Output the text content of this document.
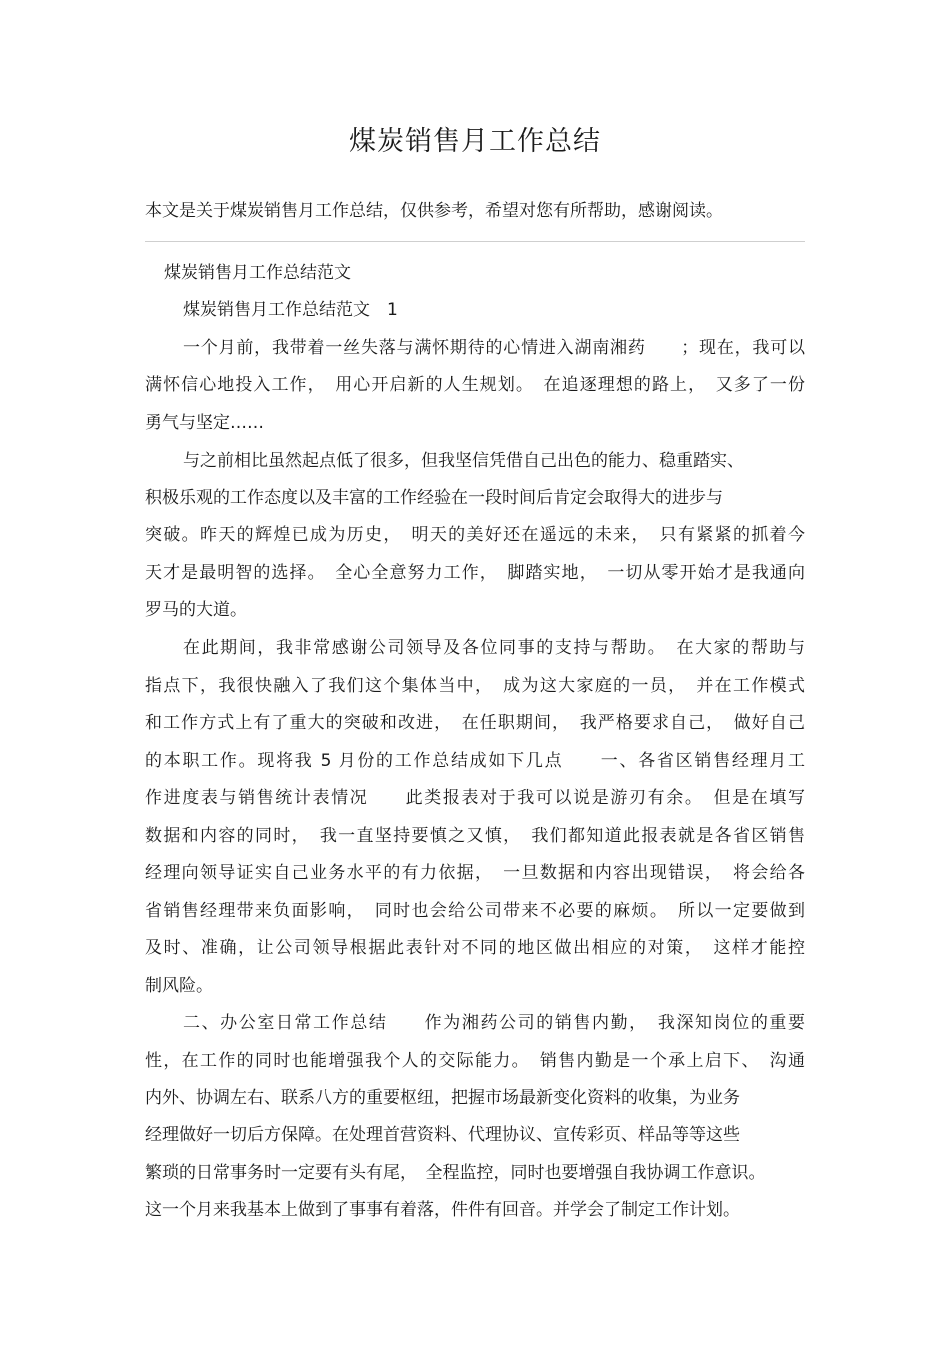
煤炭销售月工作总结
本文是关于煤炭销售月工作总结，仅供参考，希望对您有所帮助，感谢阅读。
煤炭销售月工作总结范文
煤炭销售月工作总结范文　1
一个月前，我带着一丝失落与满怀期待的心情进入湖南湘药　　；现在，我可以
满怀信心地投入工作，　用心开启新的人生规划。　在追逐理想的路上，　又多了一份
勇气与坚定……
与之前相比虽然起点低了很多，但我坚信凭借自己出色的能力、稳重踏实、
积极乐观的工作态度以及丰富的工作经验在一段时间后肯定会取得大的进步与
突破。昨天的辉煌已成为历史，　明天的美好还在遥远的未来，　只有紧紧的抓着今
天才是最明智的选择。　全心全意努力工作，　脚踏实地，　一切从零开始才是我通向
罗马的大道。
在此期间，我非常感谢公司领导及各位同事的支持与帮助。　在大家的帮助与
指点下，我很快融入了我们这个集体当中，　成为这大家庭的一员，　并在工作模式
和工作方式上有了重大的突破和改进，　在任职期间，　我严格要求自己，　做好自己
的本职工作。现将我 5 月份的工作总结成如下几点　　一、各省区销售经理月工
作进度表与销售统计表情况　　此类报表对于我可以说是游刃有余。　但是在填写
数据和内容的同时，　我一直坚持要慎之又慎，　我们都知道此报表就是各省区销售
经理向领导证实自己业务水平的有力依据，　一旦数据和内容出现错误，　将会给各
省销售经理带来负面影响，　同时也会给公司带来不必要的麻烦。　所以一定要做到
及时、准确，让公司领导根据此表针对不同的地区做出相应的对策，　这样才能控
制风险。
二、办公室日常工作总结　　作为湘药公司的销售内勤，　我深知岗位的重要
性，在工作的同时也能增强我个人的交际能力。　销售内勤是一个承上启下、　沟通
内外、协调左右、联系八方的重要枢纽，把握市场最新变化资料的收集，为业务
经理做好一切后方保障。在处理首营资料、代理协议、宣传彩页、样品等等这些
繁琐的日常事务时一定要有头有尾，　全程监控，同时也要增强自我协调工作意识。
这一个月来我基本上做到了事事有着落，件件有回音。并学会了制定工作计划。
